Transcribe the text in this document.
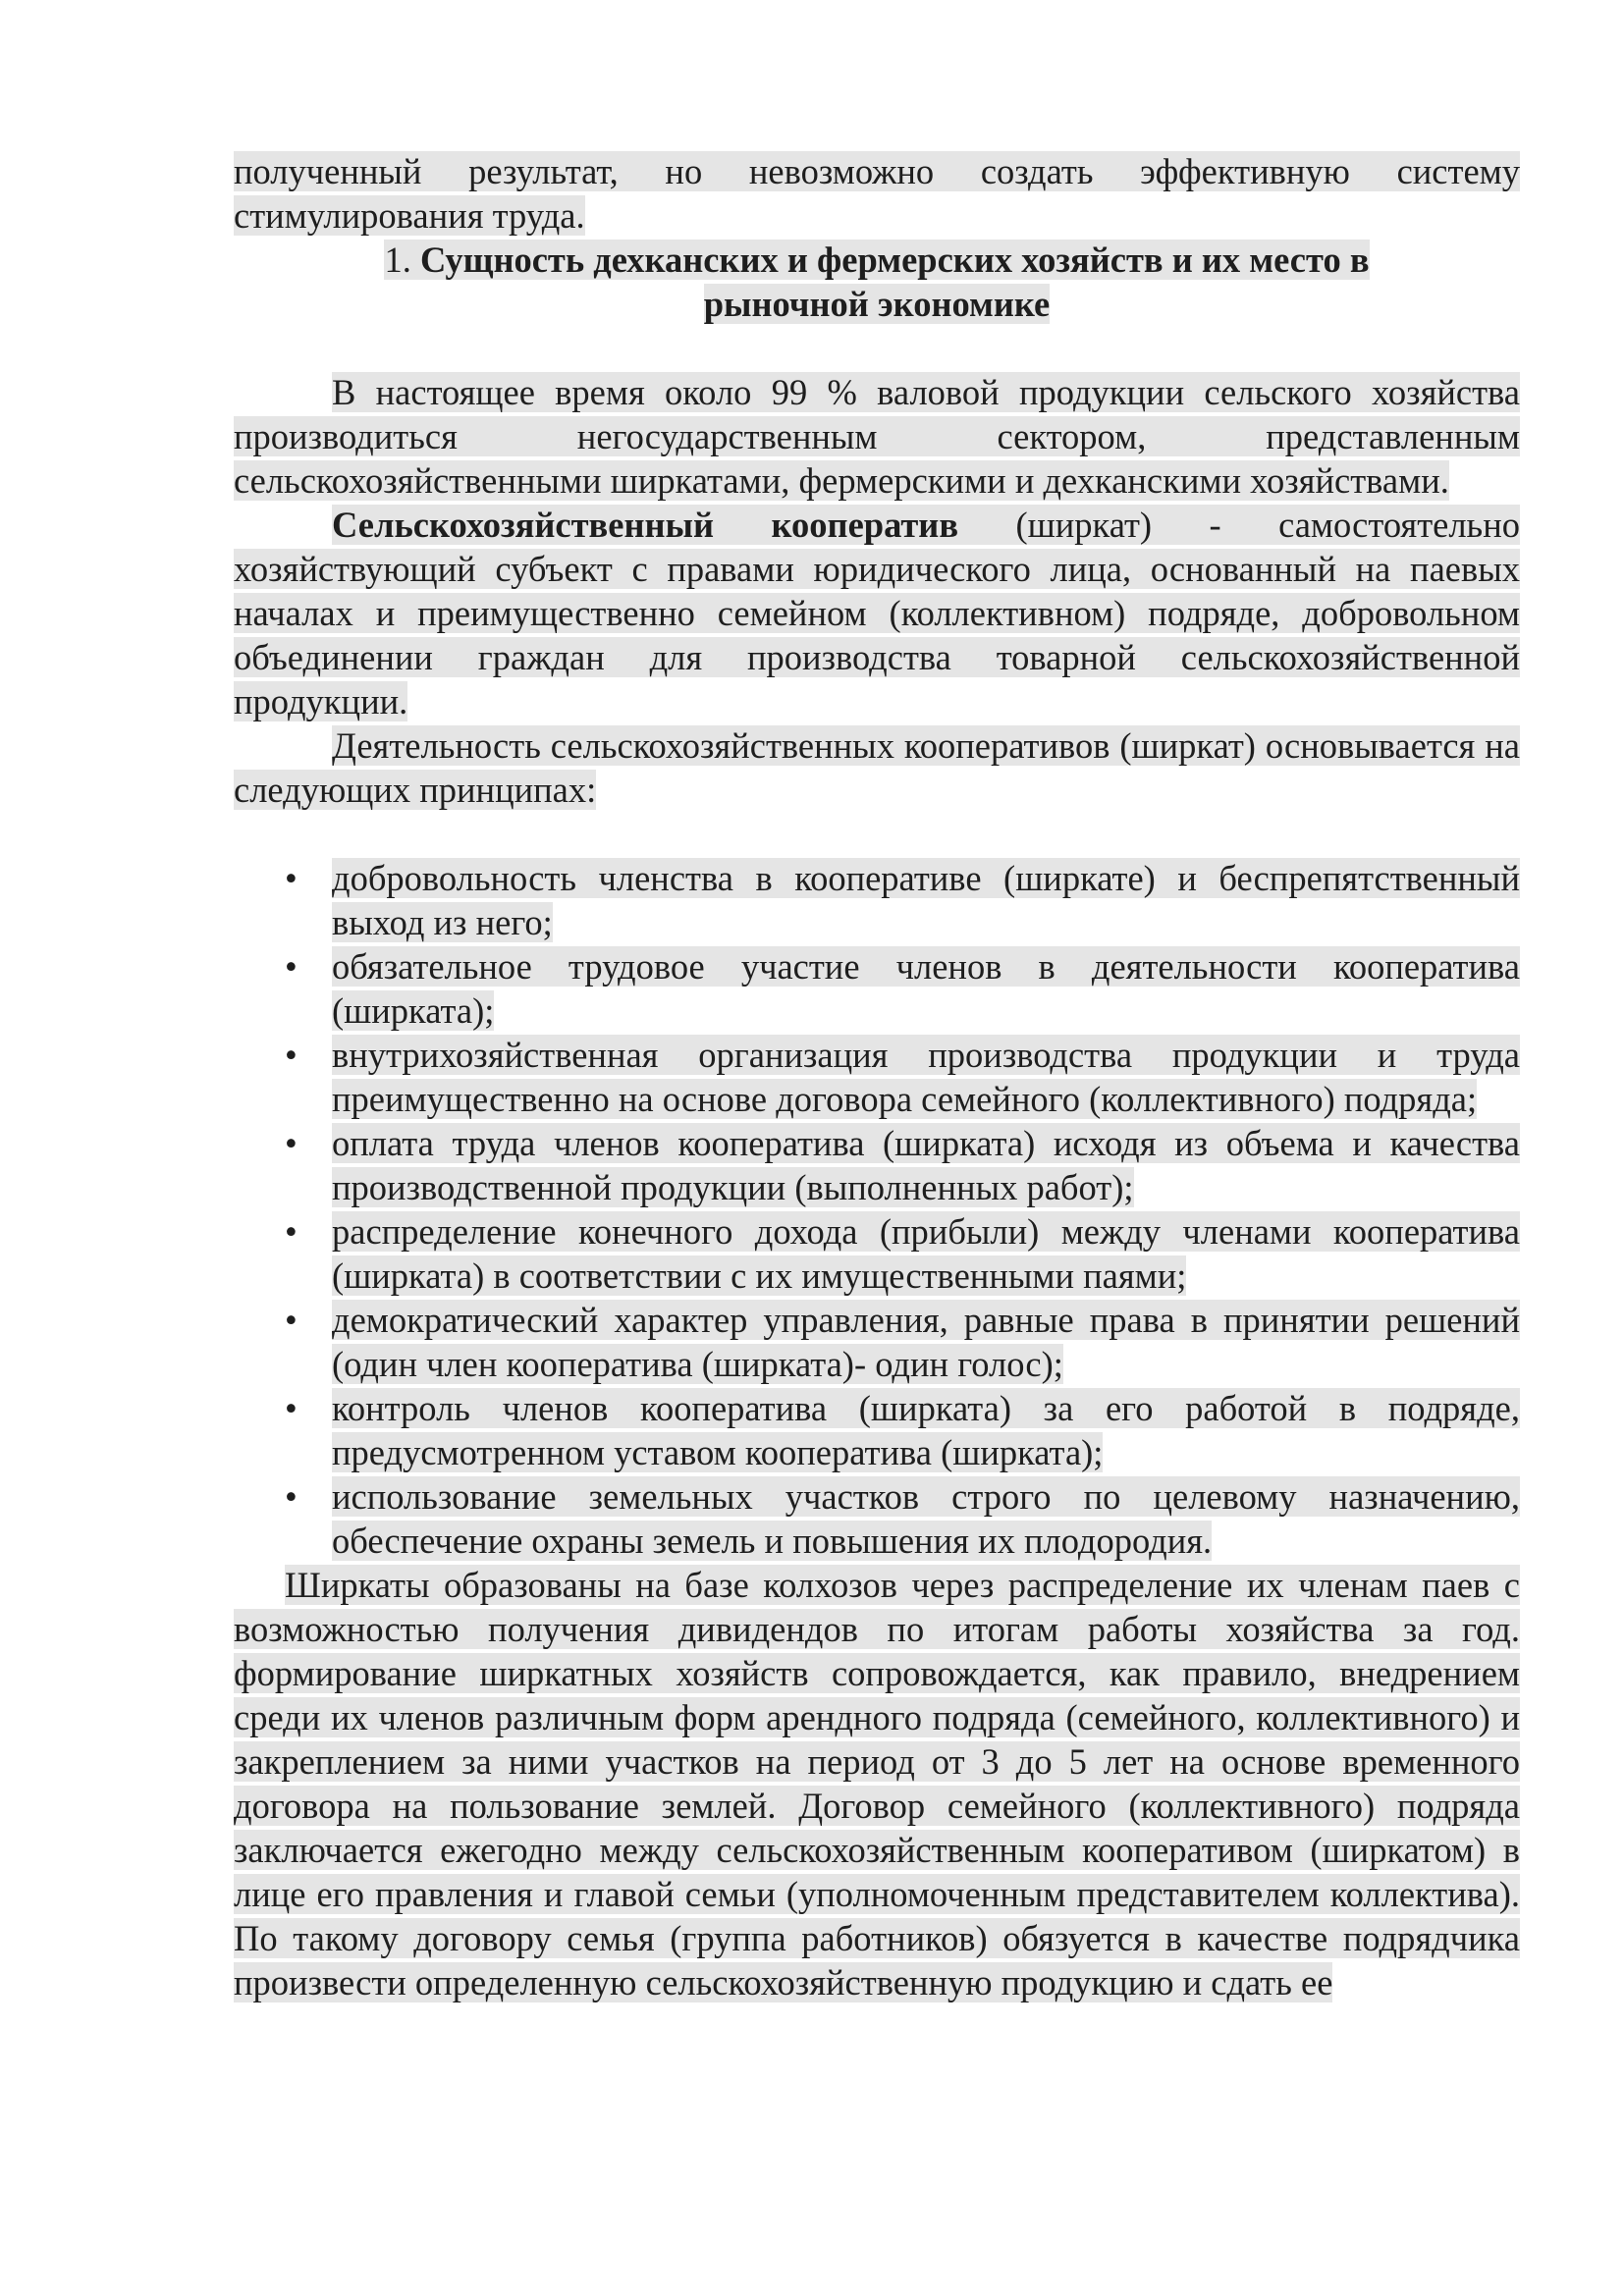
полученный результат, но невозможно создать эффективную систему стимулирования труда.

1. Сущность дехканских и фермерских хозяйств и их место в рыночной экономике

В настоящее время около 99 % валовой продукции сельского хозяйства производиться негосударственным сектором, представленным сельскохозяйственными ширкатами, фермерскими и дехканскими хозяйствами.

Сельскохозяйственный кооператив (ширкат) - самостоятельно хозяйствующий субъект с правами юридического лица, основанный на паевых началах и преимущественно семейном (коллективном) подряде, добровольном объединении граждан для производства товарной сельскохозяйственной продукции.

Деятельность сельскохозяйственных кооперативов (ширкат) основывается на следующих принципах:

• добровольность членства в кооперативе (ширкате) и беспрепятственный выход из него;
• обязательное трудовое участие членов в деятельности кооператива (ширката);
• внутрихозяйственная организация производства продукции и труда преимущественно на основе договора семейного (коллективного) подряда;
• оплата труда членов кооператива (ширката) исходя из объема и качества производственной продукции (выполненных работ);
• распределение конечного дохода (прибыли) между членами кооператива (ширката) в соответствии с их имущественными паями;
• демократический характер управления, равные права в принятии решений (один член кооператива (ширката)- один голос);
• контроль членов кооператива (ширката) за его работой в подряде, предусмотренном уставом кооператива (ширката);
• использование земельных участков строго по целевому назначению, обеспечение охраны земель и повышения их плодородия.

Ширкаты образованы на базе колхозов через распределение их членам паев с возможностью получения дивидендов по итогам работы хозяйства за год. формирование ширкатных хозяйств сопровождается, как правило, внедрением среди их членов различным форм арендного подряда (семейного, коллективного) и закреплением за ними участков на период от 3 до 5 лет на основе временного договора на пользование землей. Договор семейного (коллективного) подряда заключается ежегодно между сельскохозяйственным кооперативом (ширкатом) в лице его правления и главой семьи (уполномоченным представителем коллектива). По такому договору семья (группа работников) обязуется в качестве подрядчика произвести определенную сельскохозяйственную продукцию и сдать ее
